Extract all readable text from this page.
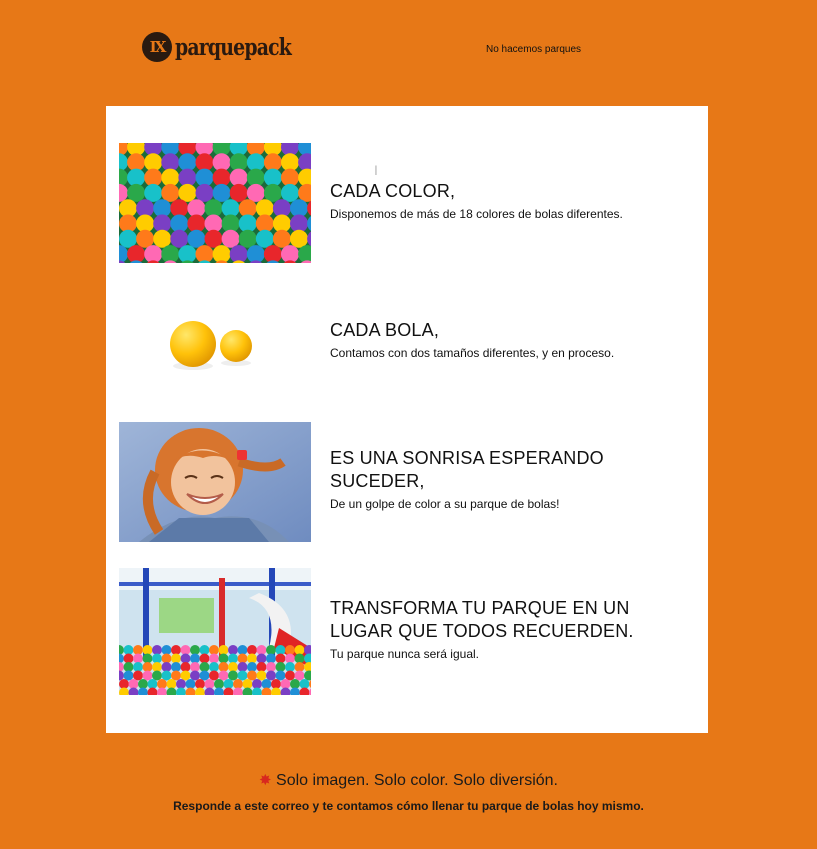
IX parquepack	No hacemos parques
I
CADA COLOR,
Disponemos de más de 18 colores de bolas diferentes.
CADA BOLA,
Contamos con dos tamaños diferentes, y en proceso.
ES UNA SONRISA ESPERANDO SUCEDER,
De un golpe de color a su parque de bolas!
TRANSFORMA TU PARQUE EN UN LUGAR QUE TODOS RECUERDEN.
Tu parque nunca será igual.
✸ Solo imagen. Solo color. Solo diversión.
Responde a este correo y te contamos cómo llenar tu parque de bolas hoy mismo.
